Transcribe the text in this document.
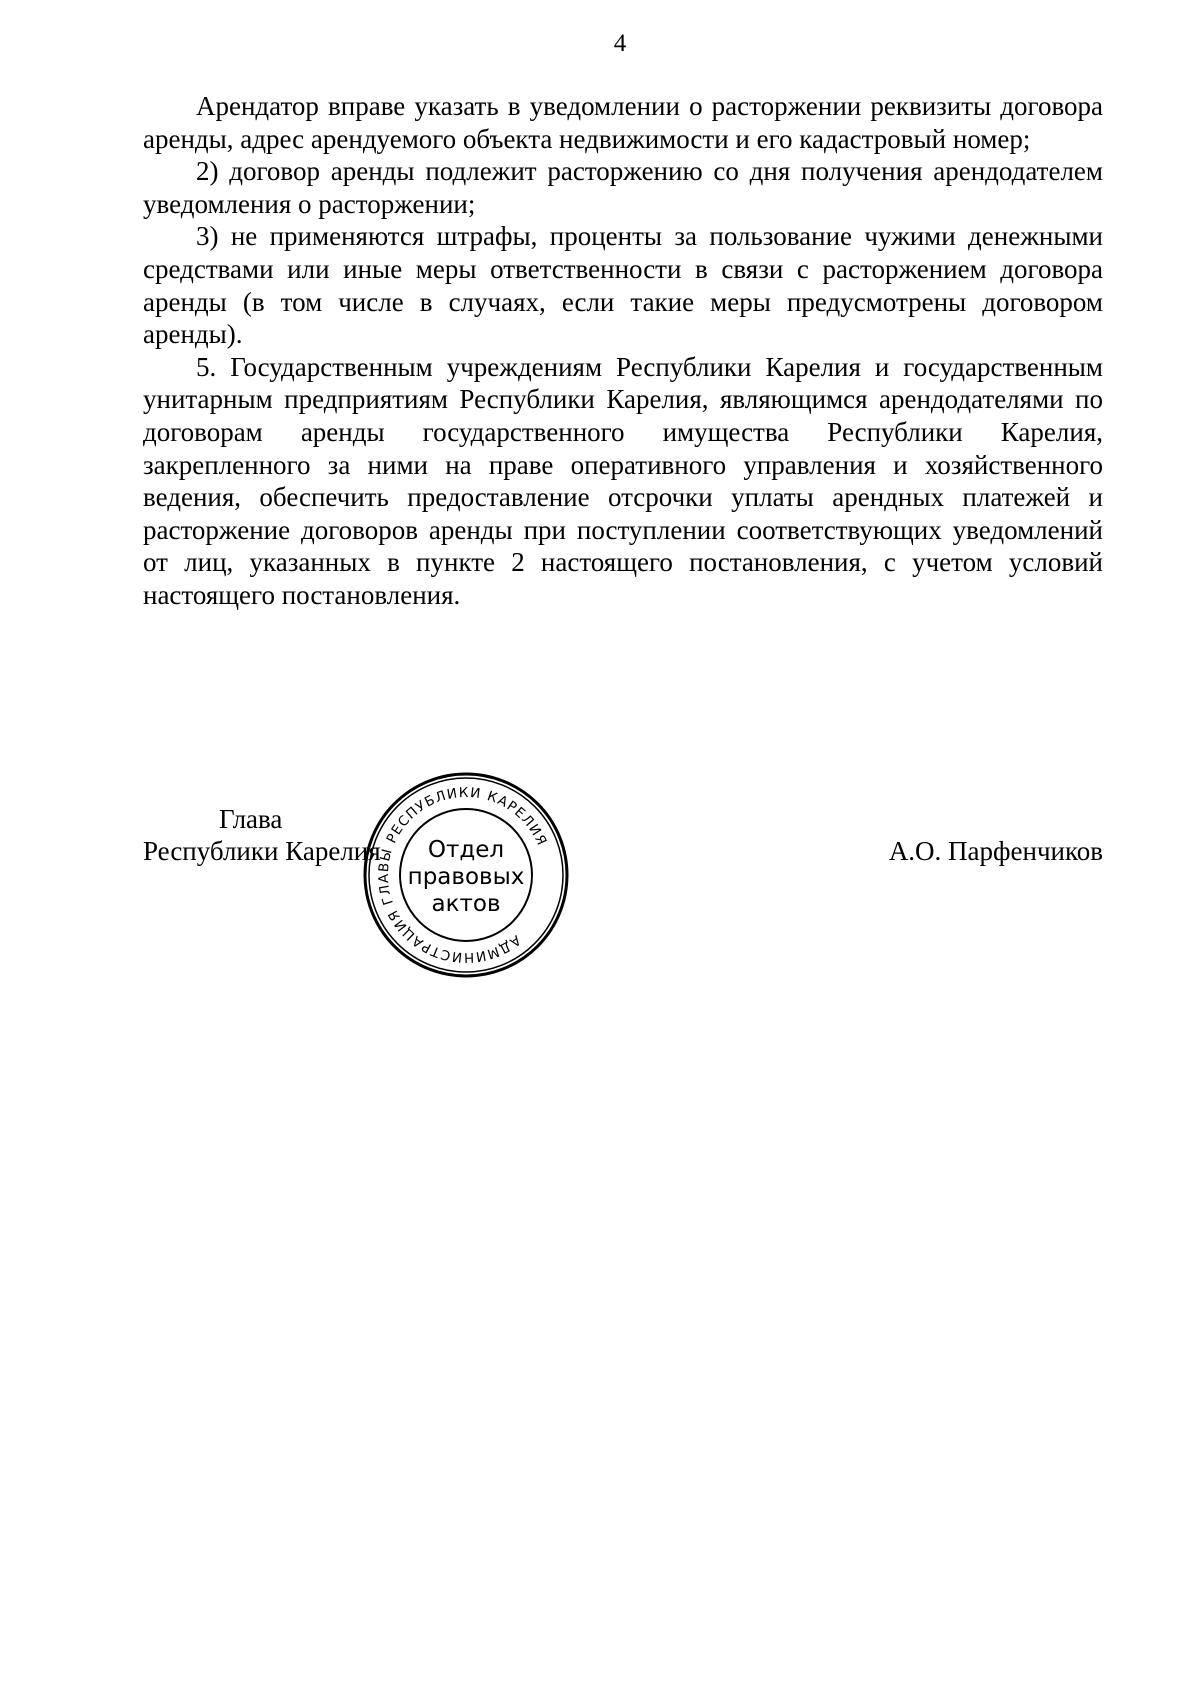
4

Арендатор вправе указать в уведомлении о расторжении реквизиты договора аренды, адрес арендуемого объекта недвижимости и его кадастровый номер;

2) договор аренды подлежит расторжению со дня получения арендодателем уведомления о расторжении;

3) не применяются штрафы, проценты за пользование чужими денежными средствами или иные меры ответственности в связи с расторжением договора аренды (в том числе в случаях, если такие меры предусмотрены договором аренды).

5. Государственным учреждениям Республики Карелия и государственным унитарным предприятиям Республики Карелия, являющимся арендодателями по договорам аренды государственного имущества Республики Карелия, закрепленного за ними на праве оперативного управления и хозяйственного ведения, обеспечить предоставление отсрочки уплаты арендных платежей и расторжение договоров аренды при поступлении соответствующих уведомлений от лиц, указанных в пункте 2 настоящего постановления, с учетом условий настоящего постановления.

Глава
Республики Карелия	А.О. Парфенчиков
АДМИНИСТРАЦИЯ ГЛАВЫ РЕСПУБЛИКИ КАРЕЛИЯ
Отдел
правовых
актов
